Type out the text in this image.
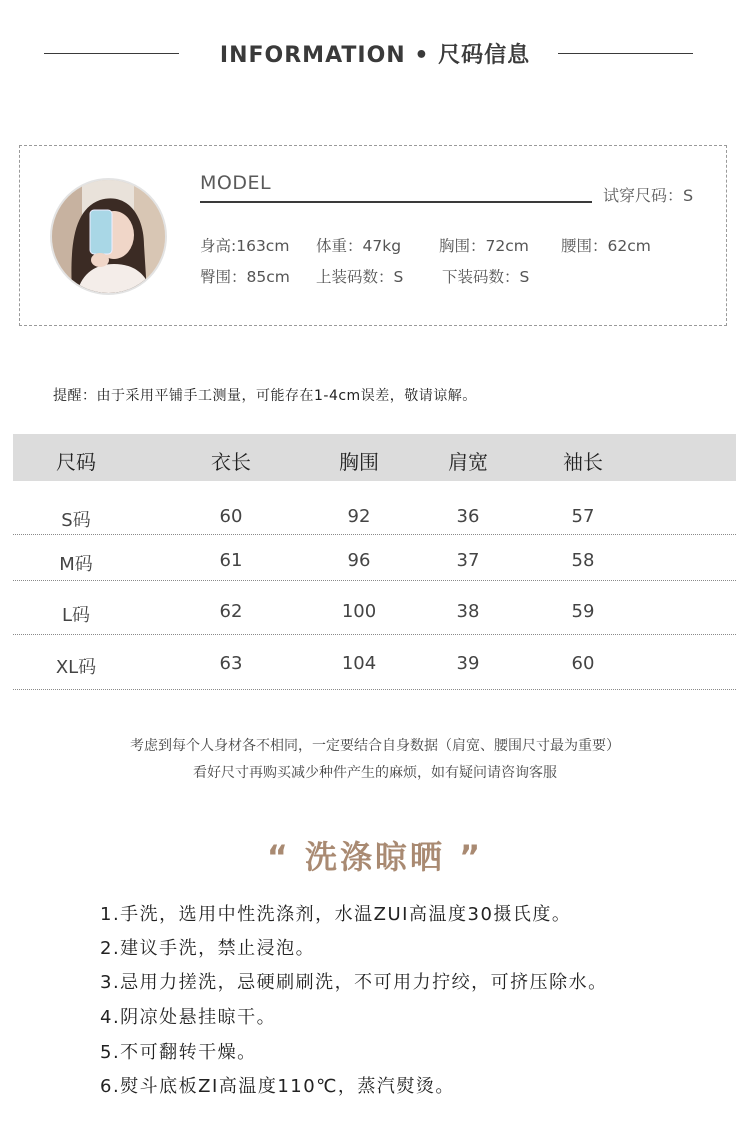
INFORMATION • 尺码信息
MODEL
试穿尺码：S
身高:163cm 体重：47kg 胸围：72cm 腰围：62cm
臀围：85cm 上装码数：S 下装码数：S
提醒：由于采用平铺手工测量，可能存在1-4cm误差，敬请谅解。
尺码	衣长	胸围	肩宽	袖长
S码	60	92	36	57
M码	61	96	37	58
L码	62	100	38	59
XL码	63	104	39	60
考虑到每个人身材各不相同，一定要结合自身数据（肩宽、腰围尺寸最为重要）
看好尺寸再购买减少种件产生的麻烦，如有疑问请咨询客服
“ 洗涤晾晒 ”
1.手洗，选用中性洗涤剂，水温ZUI高温度30摄氏度。
2.建议手洗，禁止浸泡。
3.忌用力搓洗，忌硬刷刷洗，不可用力拧绞，可挤压除水。
4.阴凉处悬挂晾干。
5.不可翻转干燥。
6.熨斗底板ZI高温度110℃，蒸汽熨烫。
